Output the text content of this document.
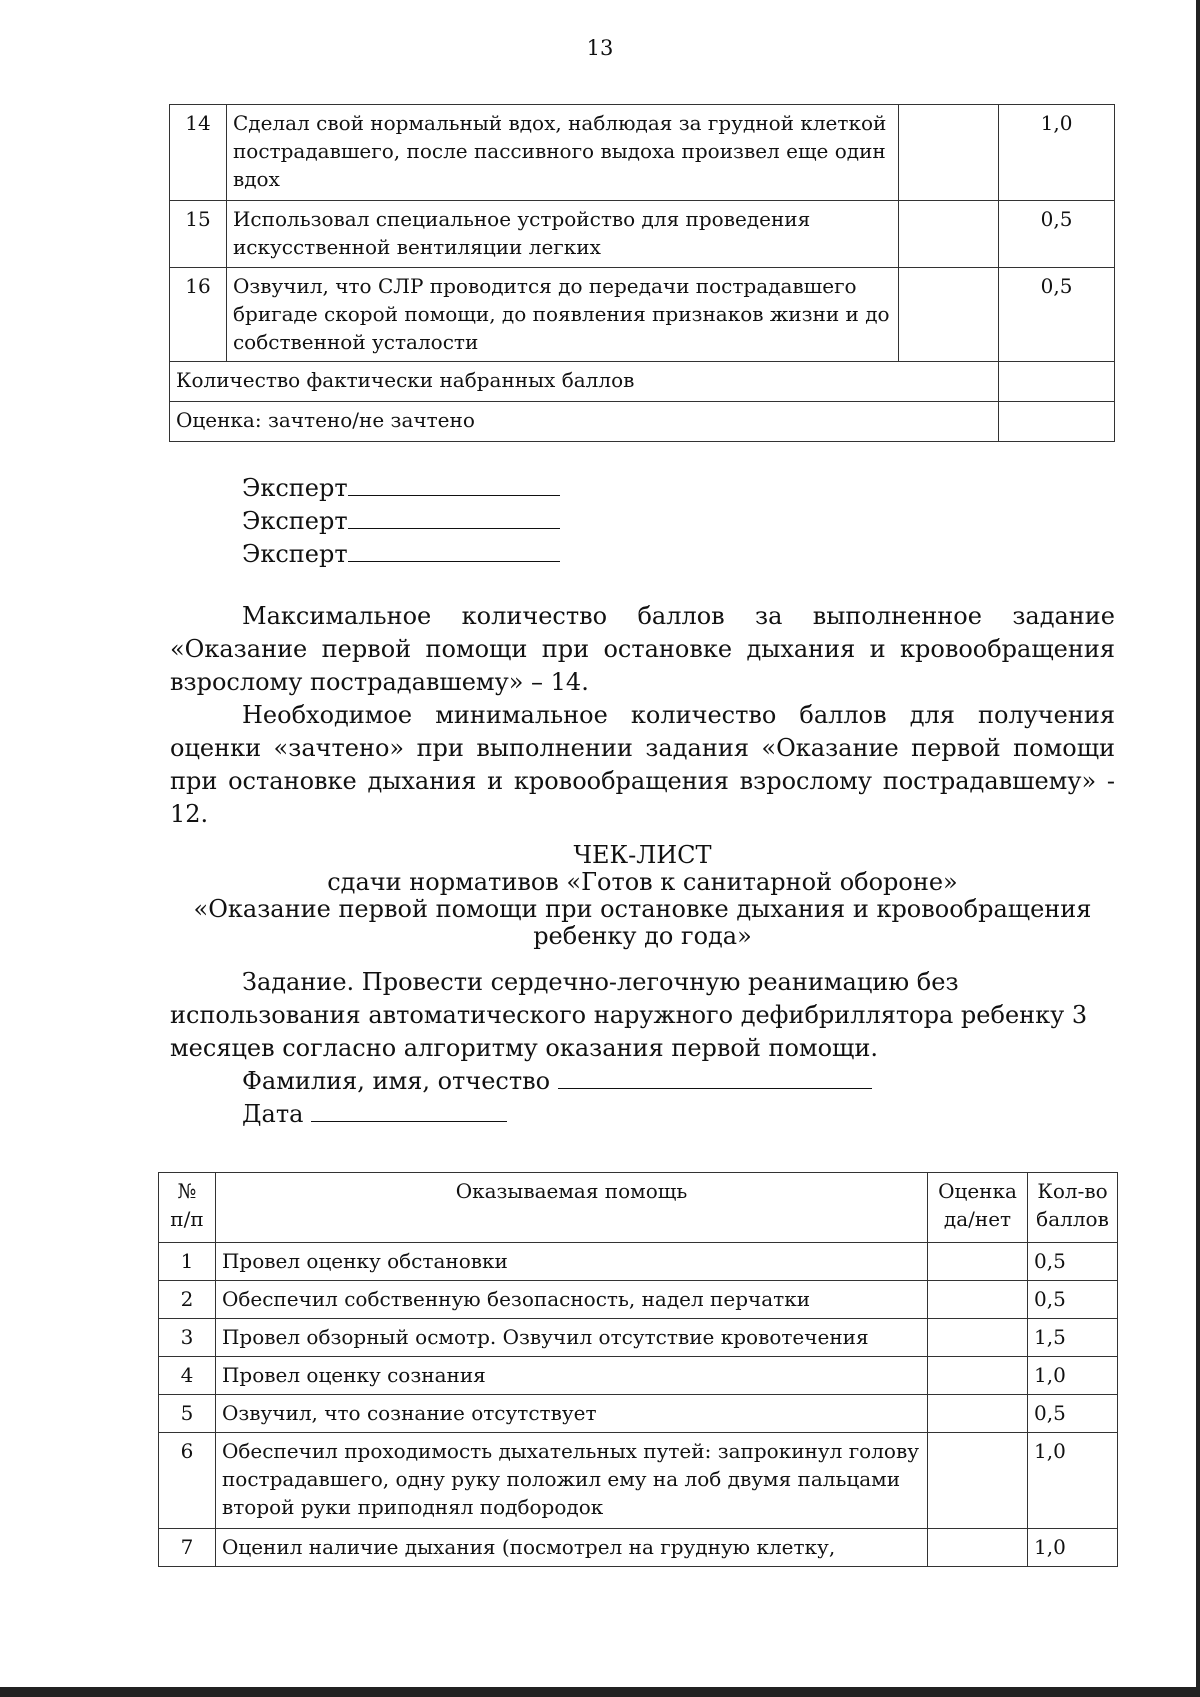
13
14	Сделал свой нормальный вдох, наблюдая за грудной клеткой пострадавшего, после пассивного выдоха произвел еще один вдох		1,0
15	Использовал специальное устройство для проведения искусственной вентиляции легких		0,5
16	Озвучил, что СЛР проводится до передачи пострадавшего бригаде скорой помощи, до появления признаков жизни и до собственной усталости		0,5
Количество фактически набранных баллов			
Оценка: зачтено/не зачтено			
Эксперт
Эксперт
Эксперт
Максимальное количество баллов за выполненное задание «Оказание первой помощи при остановке дыхания и кровообращения взрослому пострадавшему» – 14.
Необходимое минимальное количество баллов для получения оценки «зачтено» при выполнении задания «Оказание первой помощи при остановке дыхания и кровообращения взрослому пострадавшему» - 12.
ЧЕК-ЛИСТ
сдачи нормативов «Готов к санитарной обороне»
«Оказание первой помощи при остановке дыхания и кровообращения
ребенку до года»
Задание. Провести сердечно-легочную реанимацию без использования автоматического наружного дефибриллятора ребенку 3 месяцев согласно алгоритму оказания первой помощи.
Фамилия, имя, отчество
Дата
№ п/п	Оказываемая помощь	Оценка да/нет	Кол-во баллов
1	Провел оценку обстановки		0,5
2	Обеспечил собственную безопасность, надел перчатки		0,5
3	Провел обзорный осмотр. Озвучил отсутствие кровотечения		1,5
4	Провел оценку сознания		1,0
5	Озвучил, что сознание отсутствует		0,5
6	Обеспечил проходимость дыхательных путей: запрокинул голову пострадавшего, одну руку положил ему на лоб двумя пальцами второй руки приподнял подбородок		1,0
7	Оценил наличие дыхания (посмотрел на грудную клетку,		1,0
